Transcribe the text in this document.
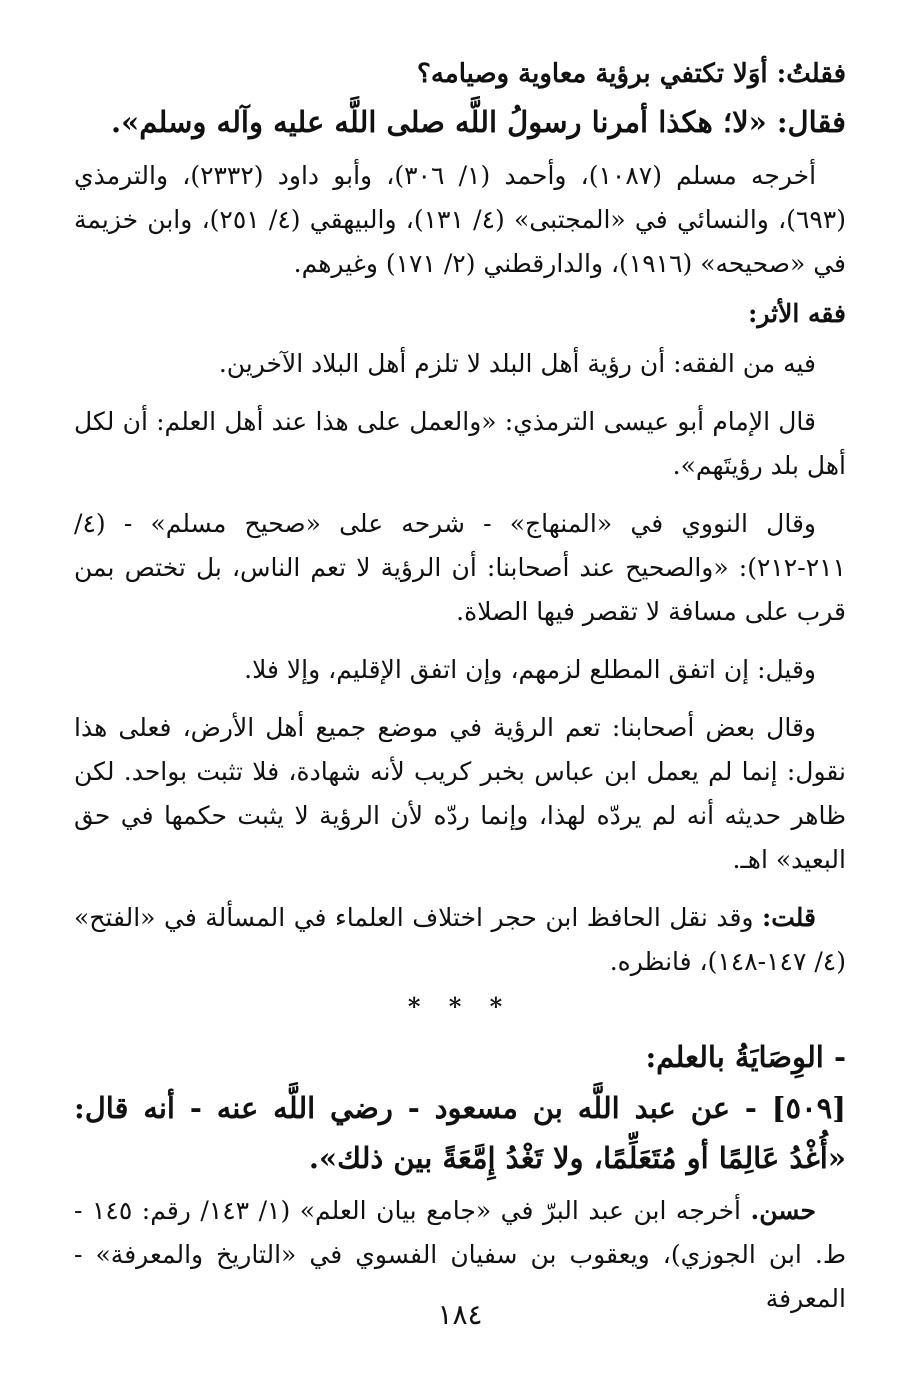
فقلتُ: أوَلا تكتفي برؤية معاوية وصيامه؟

فقال: «لا؛ هكذا أمرنا رسولُ اللَّه صلى اللَّه عليه وآله وسلم».

أخرجه مسلم (١٠٨٧)، وأحمد (١/ ٣٠٦)، وأبو داود (٢٣٣٢)، والترمذي (٦٩٣)، والنسائي في «المجتبى» (٤/ ١٣١)، والبيهقي (٤/ ٢٥١)، وابن خزيمة في «صحيحه» (١٩١٦)، والدارقطني (٢/ ١٧١) وغيرهم.

فقه الأثر:

فيه من الفقه: أن رؤية أهل البلد لا تلزم أهل البلاد الآخرين.

قال الإمام أبو عيسى الترمذي: «والعمل على هذا عند أهل العلم: أن لكل أهل بلد رؤيتَهم».

وقال النووي في «المنهاج» - شرحه على «صحيح مسلم» - (٤/ ٢١١-٢١٢): «والصحيح عند أصحابنا: أن الرؤية لا تعم الناس، بل تختص بمن قرب على مسافة لا تقصر فيها الصلاة.

وقيل: إن اتفق المطلع لزمهم، وإن اتفق الإقليم، وإلا فلا.

وقال بعض أصحابنا: تعم الرؤية في موضع جميع أهل الأرض، فعلى هذا نقول: إنما لم يعمل ابن عباس بخبر كريب لأنه شهادة، فلا تثبت بواحد. لكن ظاهر حديثه أنه لم يردّه لهذا، وإنما ردّه لأن الرؤية لا يثبت حكمها في حق البعيد» اهـ.

قلت: وقد نقل الحافظ ابن حجر اختلاف العلماء في المسألة في «الفتح» (٤/ ١٤٧-١٤٨)، فانظره.

* * *

- الوِصَايَةُ بالعلم:

[٥٠٩] - عن عبد اللَّه بن مسعود - رضي اللَّه عنه - أنه قال: «أُغْدُ عَالِمًا أو مُتَعَلِّمًا، ولا تَغْدُ إِمَّعَةً بين ذلك».

حسن. أخرجه ابن عبد البرّ في «جامع بيان العلم» (١/ ١٤٣/ رقم: ١٤٥ - ط. ابن الجوزي)، ويعقوب بن سفيان الفسوي في «التاريخ والمعرفة» - المعرفة

١٨٤
